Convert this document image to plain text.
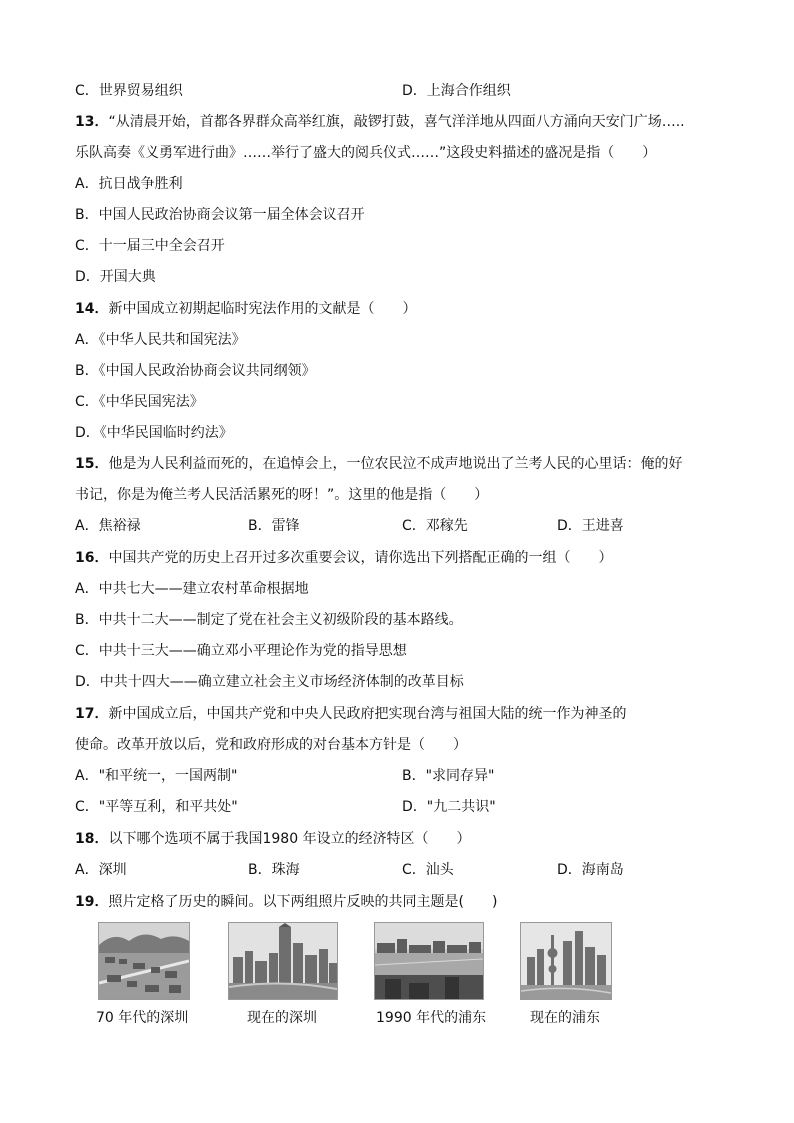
C．世界贸易组织	D．上海合作组织
13．“从清晨开始，首都各界群众高举红旗，敲锣打鼓，喜气洋洋地从四面八方涌向天安门广场…..
乐队高奏《义勇军进行曲》……举行了盛大的阅兵仪式……”这段史料描述的盛况是指（　　）
A．抗日战争胜利
B．中国人民政治协商会议第一届全体会议召开
C．十一届三中全会召开
D．开国大典
14．新中国成立初期起临时宪法作用的文献是（　　）
A．《中华人民共和国宪法》
B．《中国人民政治协商会议共同纲领》
C．《中华民国宪法》
D．《中华民国临时约法》
15．他是为人民利益而死的，在追悼会上，一位农民泣不成声地说出了兰考人民的心里话：俺的好
书记，你是为俺兰考人民活活累死的呀！”。这里的他是指（　　）
A．焦裕禄	B．雷锋	C．邓稼先	D．王进喜
16．中国共产党的历史上召开过多次重要会议，请你选出下列搭配正确的一组（　　）
A．中共七大——建立农村革命根据地
B．中共十二大——制定了党在社会主义初级阶段的基本路线。
C．中共十三大——确立邓小平理论作为党的指导思想
D．中共十四大——确立建立社会主义市场经济体制的改革目标
17．新中国成立后，中国共产党和中央人民政府把实现台湾与祖国大陆的统一作为神圣的
使命。改革开放以后，党和政府形成的对台基本方针是（　　）
A．"和平统一，一国两制"	B．"求同存异"
C．"平等互利，和平共处"	D．"九二共识"
18．以下哪个选项不属于我国1980 年设立的经济特区（　　）
A．深圳	B．珠海	C．汕头	D．海南岛
19．照片定格了历史的瞬间。以下两组照片反映的共同主题是(　　)
70 年代的深圳	现在的深圳	1990 年代的浦东	现在的浦东
